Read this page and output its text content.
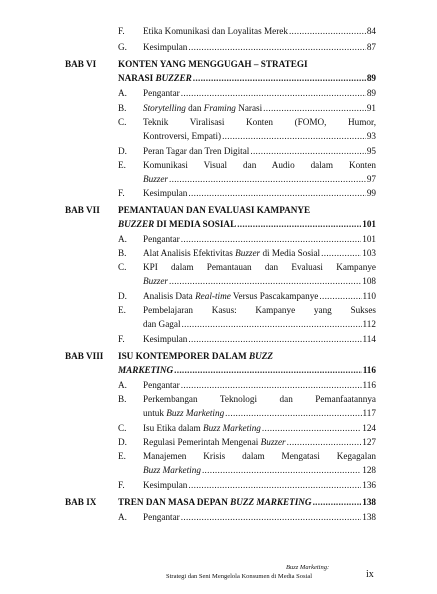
F. Etika Komunikasi dan Loyalitas Merek .....	84
G. Kesimpulan .....	87
BAB VI KONTEN YANG MENGGUGAH – STRATEGI
NARASI BUZZER .....	89
A. Pengantar .....	89
B. Storytelling dan Framing Narasi .....	91
C. Teknik Viralisasi Konten (FOMO, Humor,
Kontroversi, Empati) .....	93
D. Peran Tagar dan Tren Digital .....	95
E. Komunikasi Visual dan Audio dalam Konten
Buzzer .....	97
F. Kesimpulan .....	99
BAB VII PEMANTAUAN DAN EVALUASI KAMPANYE
BUZZER DI MEDIA SOSIAL .....	101
A. Pengantar .....	101
B. Alat Analisis Efektivitas Buzzer di Media Sosial .....	103
C. KPI dalam Pemantauan dan Evaluasi Kampanye
Buzzer .....	108
D. Analisis Data Real-time Versus Pascakampanye .....	110
E. Pembelajaran Kasus: Kampanye yang Sukses
dan Gagal .....	112
F. Kesimpulan .....	114
BAB VIII ISU KONTEMPORER DALAM BUZZ
MARKETING .....	116
A. Pengantar .....	116
B. Perkembangan Teknologi dan Pemanfaatannya
untuk Buzz Marketing .....	117
C. Isu Etika dalam Buzz Marketing .....	124
D. Regulasi Pemerintah Mengenai Buzzer .....	127
E. Manajemen Krisis dalam Mengatasi Kegagalan
Buzz Marketing .....	128
F. Kesimpulan .....	136
BAB IX TREN DAN MASA DEPAN BUZZ MARKETING .....	138
A. Pengantar .....	138
Buzz Marketing:
Strategi dan Seni Mengelola Konsumen di Media Sosial	ix
